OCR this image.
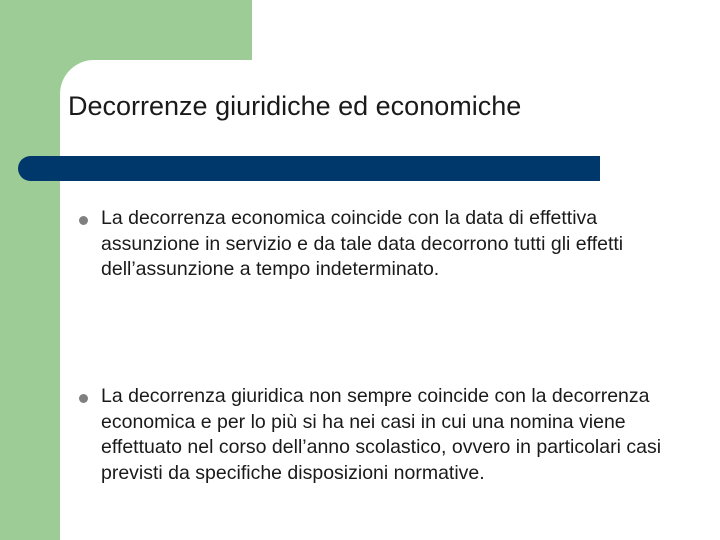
Decorrenze giuridiche ed economiche
La decorrenza economica coincide con la data di effettiva assunzione in servizio e da tale data decorrono tutti gli effetti dell’assunzione a tempo indeterminato.
La decorrenza giuridica non sempre coincide con la decorrenza economica e per lo più si ha nei casi in cui una nomina viene effettuato nel corso dell’anno scolastico, ovvero in particolari casi previsti da specifiche disposizioni normative.
